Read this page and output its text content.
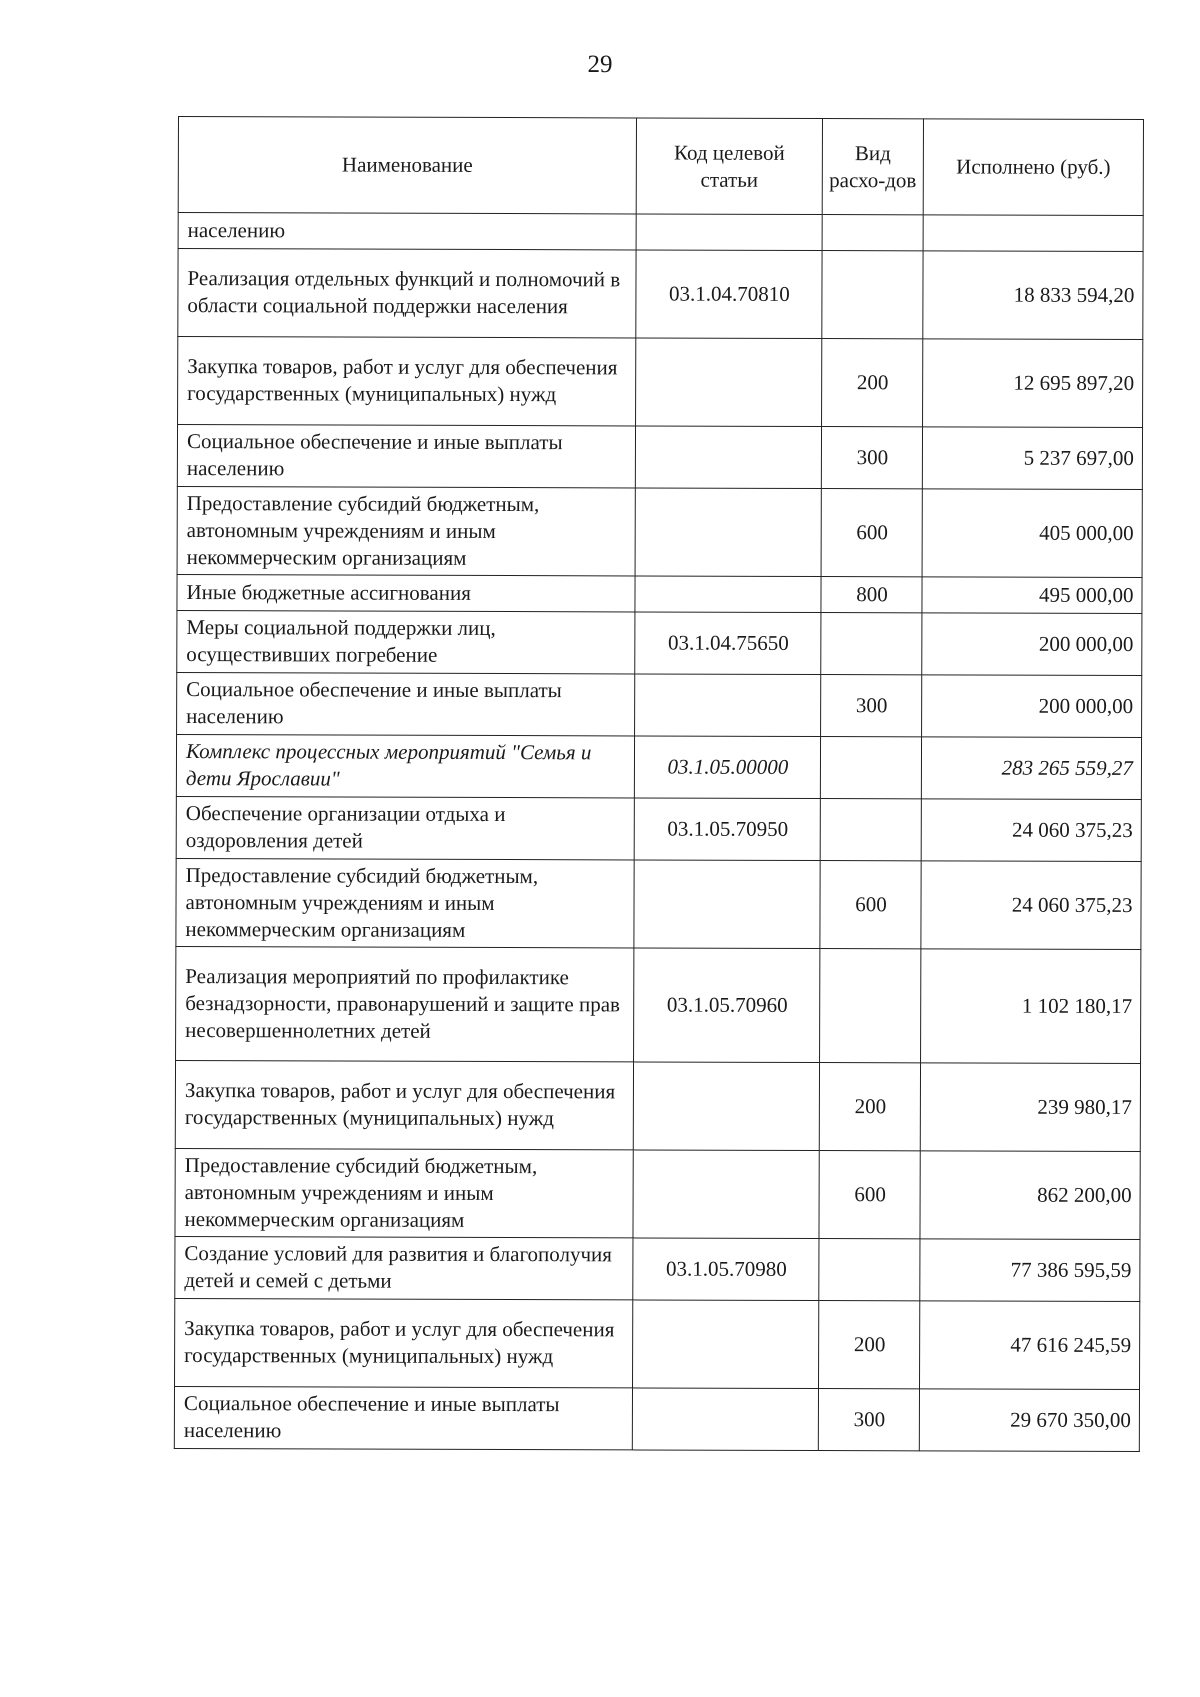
29
Наименование	Код целевой статьи	Вид расхо-дов	Исполнено (руб.)
населению			
Реализация отдельных функций и полномочий в области социальной поддержки населения	03.1.04.70810		18 833 594,20
Закупка товаров, работ и услуг для обеспечения государственных (муниципальных) нужд		200	12 695 897,20
Социальное обеспечение и иные выплаты населению		300	5 237 697,00
Предоставление субсидий бюджетным, автономным учреждениям и иным некоммерческим организациям		600	405 000,00
Иные бюджетные ассигнования		800	495 000,00
Меры социальной поддержки лиц, осуществивших погребение	03.1.04.75650		200 000,00
Социальное обеспечение и иные выплаты населению		300	200 000,00
Комплекс процессных мероприятий "Семья и дети Ярославии"	03.1.05.00000		283 265 559,27
Обеспечение организации отдыха и оздоровления детей	03.1.05.70950		24 060 375,23
Предоставление субсидий бюджетным, автономным учреждениям и иным некоммерческим организациям		600	24 060 375,23
Реализация мероприятий по профилактике безнадзорности, правонарушений и защите прав несовершеннолетних детей	03.1.05.70960		1 102 180,17
Закупка товаров, работ и услуг для обеспечения государственных (муниципальных) нужд		200	239 980,17
Предоставление субсидий бюджетным, автономным учреждениям и иным некоммерческим организациям		600	862 200,00
Создание условий для развития и благополучия детей и семей с детьми	03.1.05.70980		77 386 595,59
Закупка товаров, работ и услуг для обеспечения государственных (муниципальных) нужд		200	47 616 245,59
Социальное обеспечение и иные выплаты населению		300	29 670 350,00
